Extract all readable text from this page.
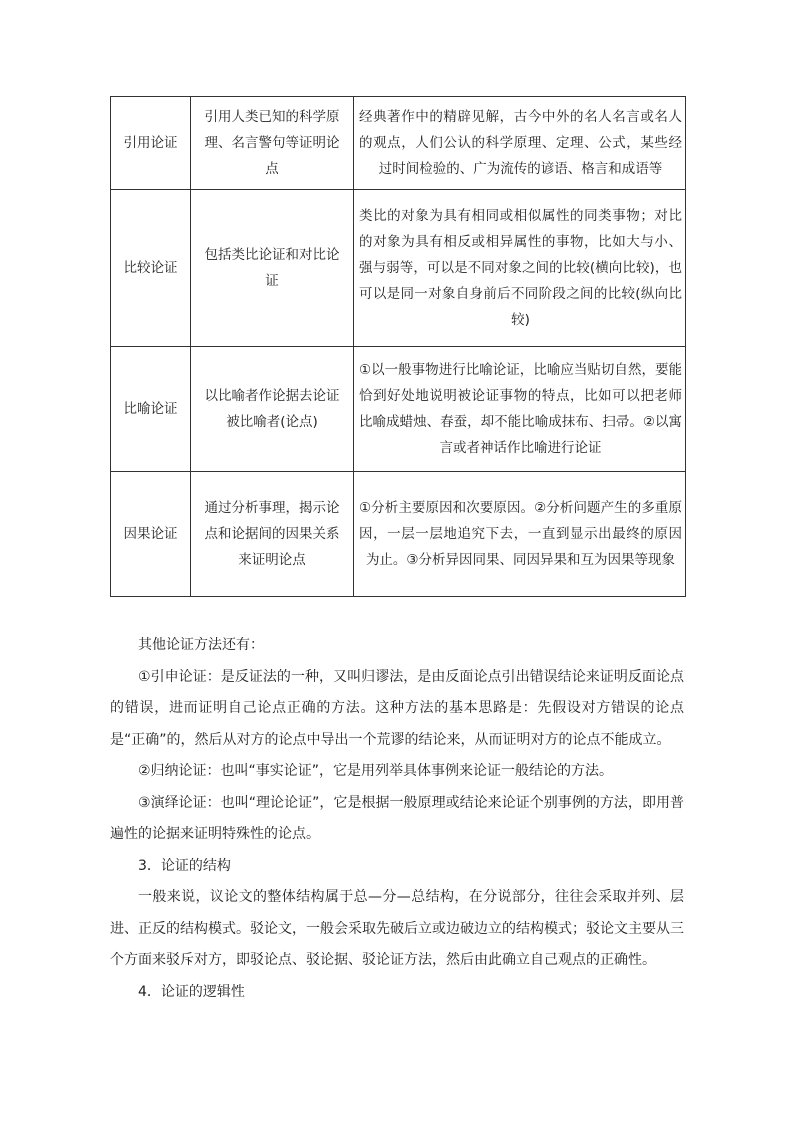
引用论证	引用人类已知的科学原理、名言警句等证明论点	经典著作中的精辟见解，古今中外的名人名言或名人的观点，人们公认的科学原理、定理、公式，某些经过时间检验的、广为流传的谚语、格言和成语等
比较论证	包括类比论证和对比论证	类比的对象为具有相同或相似属性的同类事物；对比的对象为具有相反或相异属性的事物，比如大与小、强与弱等，可以是不同对象之间的比较(横向比较)，也可以是同一对象自身前后不同阶段之间的比较(纵向比较)
比喻论证	以比喻者作论据去论证被比喻者(论点)	①以一般事物进行比喻论证，比喻应当贴切自然，要能恰到好处地说明被论证事物的特点，比如可以把老师比喻成蜡烛、春蚕，却不能比喻成抹布、扫帚。②以寓言或者神话作比喻进行论证
因果论证	通过分析事理，揭示论点和论据间的因果关系来证明论点	①分析主要原因和次要原因。②分析问题产生的多重原因，一层一层地追究下去，一直到显示出最终的原因为止。③分析异因同果、同因异果和互为因果等现象

其他论证方法还有：

①引申论证：是反证法的一种，又叫归谬法，是由反面论点引出错误结论来证明反面论点的错误，进而证明自己论点正确的方法。这种方法的基本思路是：先假设对方错误的论点是“正确”的，然后从对方的论点中导出一个荒谬的结论来，从而证明对方的论点不能成立。

②归纳论证：也叫“事实论证”，它是用列举具体事例来论证一般结论的方法。

③演绎论证：也叫“理论论证”，它是根据一般原理或结论来论证个别事例的方法，即用普遍性的论据来证明特殊性的论点。

3．论证的结构

一般来说，议论文的整体结构属于总—分—总结构，在分说部分，往往会采取并列、层进、正反的结构模式。驳论文，一般会采取先破后立或边破边立的结构模式；驳论文主要从三个方面来驳斥对方，即驳论点、驳论据、驳论证方法，然后由此确立自己观点的正确性。

4．论证的逻辑性
